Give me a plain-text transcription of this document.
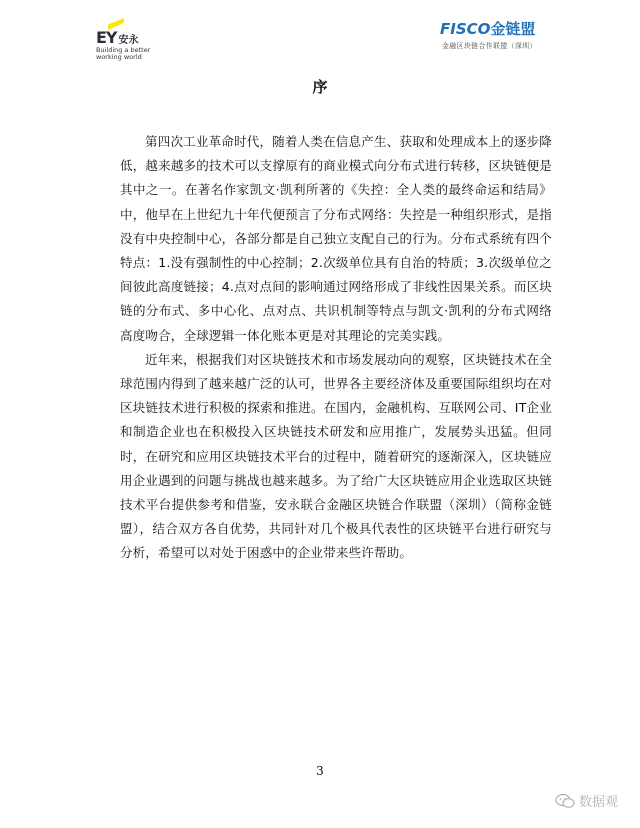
EY 安永
Building a better
working world
FISCO金链盟
金融区块链合作联盟（深圳）
序

第四次工业革命时代，随着人类在信息产生、获取和处理成本上的逐步降低，越来越多的技术可以支撑原有的商业模式向分布式进行转移，区块链便是其中之一。在著名作家凯文·凯利所著的《失控：全人类的最终命运和结局》中，他早在上世纪九十年代便预言了分布式网络：失控是一种组织形式，是指没有中央控制中心，各部分都是自己独立支配自己的行为。分布式系统有四个特点：1.没有强制性的中心控制；2.次级单位具有自治的特质；3.次级单位之间彼此高度链接；4.点对点间的影响通过网络形成了非线性因果关系。而区块链的分布式、多中心化、点对点、共识机制等特点与凯文·凯利的分布式网络高度吻合，全球逻辑一体化账本更是对其理论的完美实践。

近年来，根据我们对区块链技术和市场发展动向的观察，区块链技术在全球范围内得到了越来越广泛的认可，世界各主要经济体及重要国际组织均在对区块链技术进行积极的探索和推进。在国内，金融机构、互联网公司、IT企业和制造企业也在积极投入区块链技术研发和应用推广，发展势头迅猛。但同时，在研究和应用区块链技术平台的过程中，随着研究的逐渐深入，区块链应用企业遇到的问题与挑战也越来越多。为了给广大区块链应用企业选取区块链技术平台提供参考和借鉴，安永联合金融区块链合作联盟（深圳）（简称金链盟），结合双方各自优势，共同针对几个极具代表性的区块链平台进行研究与分析，希望可以对处于困惑中的企业带来些许帮助。

3
数据观
